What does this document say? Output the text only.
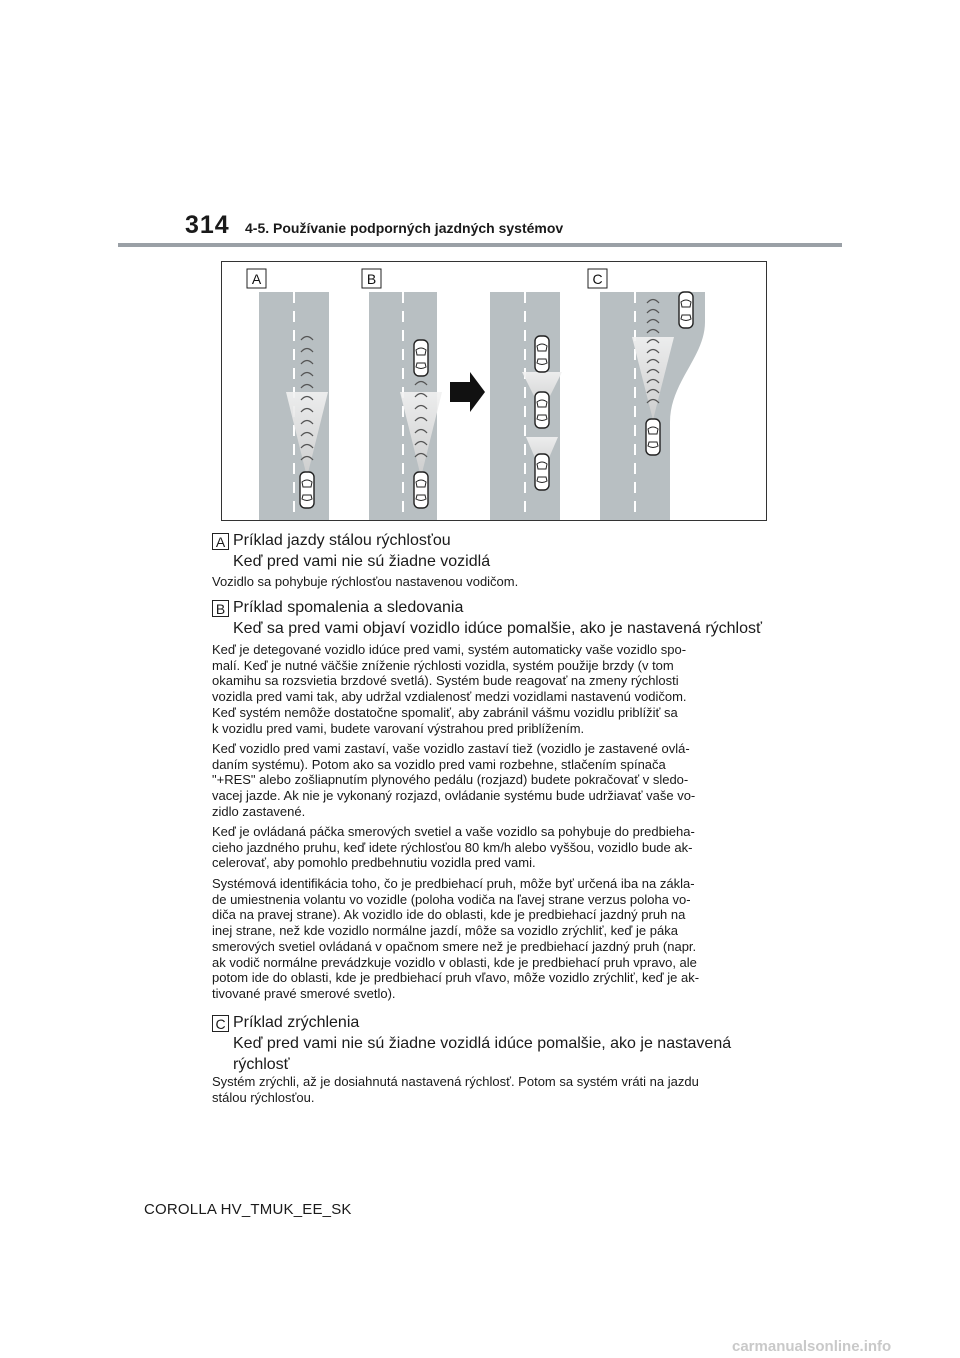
314 4-5. Používanie podporných jazdných systémov
A	B	C
A Príklad jazdy stálou rýchlosťou
Keď pred vami nie sú žiadne vozidlá
Vozidlo sa pohybuje rýchlosťou nastavenou vodičom.
B Príklad spomalenia a sledovania
Keď sa pred vami objaví vozidlo idúce pomalšie, ako je nastavená rýchlosť
Keď je detegované vozidlo idúce pred vami, systém automaticky vaše vozidlo spo-
malí. Keď je nutné väčšie zníženie rýchlosti vozidla, systém použije brzdy (v tom
okamihu sa rozsvietia brzdové svetlá). Systém bude reagovať na zmeny rýchlosti
vozidla pred vami tak, aby udržal vzdialenosť medzi vozidlami nastavenú vodičom.
Keď systém nemôže dostatočne spomaliť, aby zabránil vášmu vozidlu priblížiť sa
k vozidlu pred vami, budete varovaní výstrahou pred priblížením.
Keď vozidlo pred vami zastaví, vaše vozidlo zastaví tiež (vozidlo je zastavené ovlá-
daním systému). Potom ako sa vozidlo pred vami rozbehne, stlačením spínača
"+RES" alebo zošliapnutím plynového pedálu (rozjazd) budete pokračovať v sledo-
vacej jazde. Ak nie je vykonaný rozjazd, ovládanie systému bude udržiavať vaše vo-
zidlo zastavené.
Keď je ovládaná páčka smerových svetiel a vaše vozidlo sa pohybuje do predbieha-
cieho jazdného pruhu, keď idete rýchlosťou 80 km/h alebo vyššou, vozidlo bude ak-
celerovať, aby pomohlo predbehnutiu vozidla pred vami.
Systémová identifikácia toho, čo je predbiehací pruh, môže byť určená iba na zákla-
de umiestnenia volantu vo vozidle (poloha vodiča na ľavej strane verzus poloha vo-
diča na pravej strane). Ak vozidlo ide do oblasti, kde je predbiehací jazdný pruh na
inej strane, než kde vozidlo normálne jazdí, môže sa vozidlo zrýchliť, keď je páka
smerových svetiel ovládaná v opačnom smere než je predbiehací jazdný pruh (napr.
ak vodič normálne prevádzkuje vozidlo v oblasti, kde je predbiehací pruh vpravo, ale
potom ide do oblasti, kde je predbiehací pruh vľavo, môže vozidlo zrýchliť, keď je ak-
tivované pravé smerové svetlo).
C Príklad zrýchlenia
Keď pred vami nie sú žiadne vozidlá idúce pomalšie, ako je nastavená
rýchlosť
Systém zrýchli, až je dosiahnutá nastavená rýchlosť. Potom sa systém vráti na jazdu
stálou rýchlosťou.
COROLLA HV_TMUK_EE_SK
carmanualsonline.info
